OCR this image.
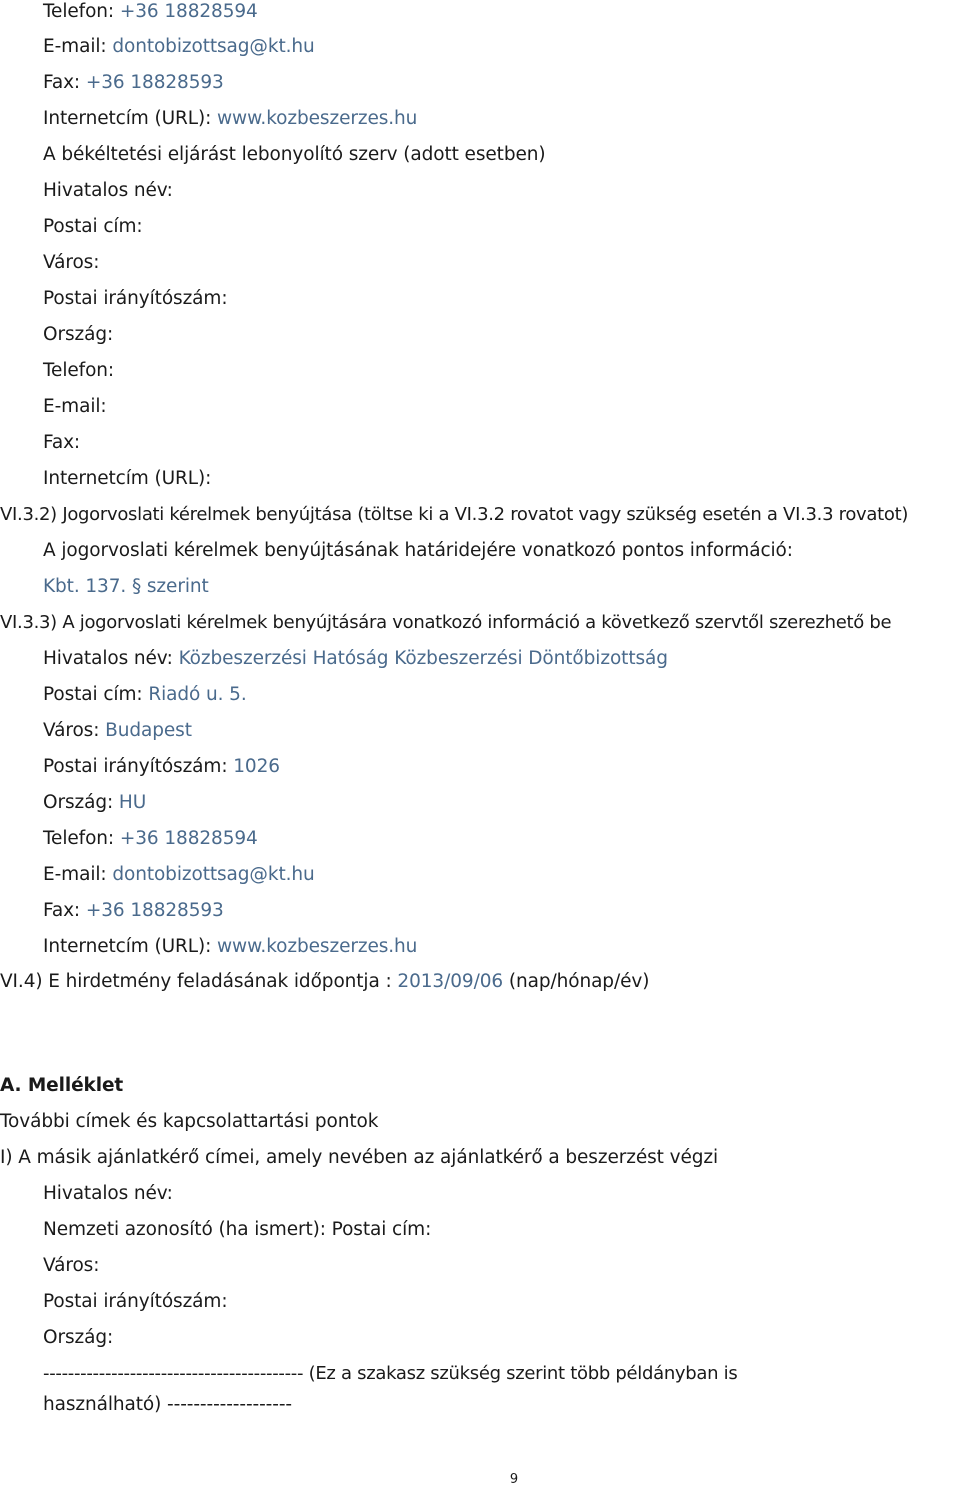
Telefon: +36 18828594
E-mail: dontobizottsag@kt.hu
Fax: +36 18828593
Internetcím (URL): www.kozbeszerzes.hu
A békéltetési eljárást lebonyolító szerv (adott esetben)
Hivatalos név:
Postai cím:
Város:
Postai irányítószám:
Ország:
Telefon:
E-mail:
Fax:
Internetcím (URL):
VI.3.2) Jogorvoslati kérelmek benyújtása (töltse ki a VI.3.2 rovatot vagy szükség esetén a VI.3.3 rovatot)
A jogorvoslati kérelmek benyújtásának határidejére vonatkozó pontos információ:
Kbt. 137. § szerint
VI.3.3) A jogorvoslati kérelmek benyújtására vonatkozó információ a következő szervtől szerezhető be
Hivatalos név: Közbeszerzési Hatóság Közbeszerzési Döntőbizottság
Postai cím: Riadó u. 5.
Város: Budapest
Postai irányítószám: 1026
Ország: HU
Telefon: +36 18828594
E-mail: dontobizottsag@kt.hu
Fax: +36 18828593
Internetcím (URL): www.kozbeszerzes.hu
VI.4) E hirdetmény feladásának időpontja : 2013/09/06 (nap/hónap/év)
A. Melléklet
További címek és kapcsolattartási pontok
I) A másik ajánlatkérő címei, amely nevében az ajánlatkérő a beszerzést végzi
Hivatalos név:
Nemzeti azonosító (ha ismert): Postai cím:
Város:
Postai irányítószám:
Ország:
------------------------------------------ (Ez a szakasz szükség szerint több példányban is
használható) -------------------
9
